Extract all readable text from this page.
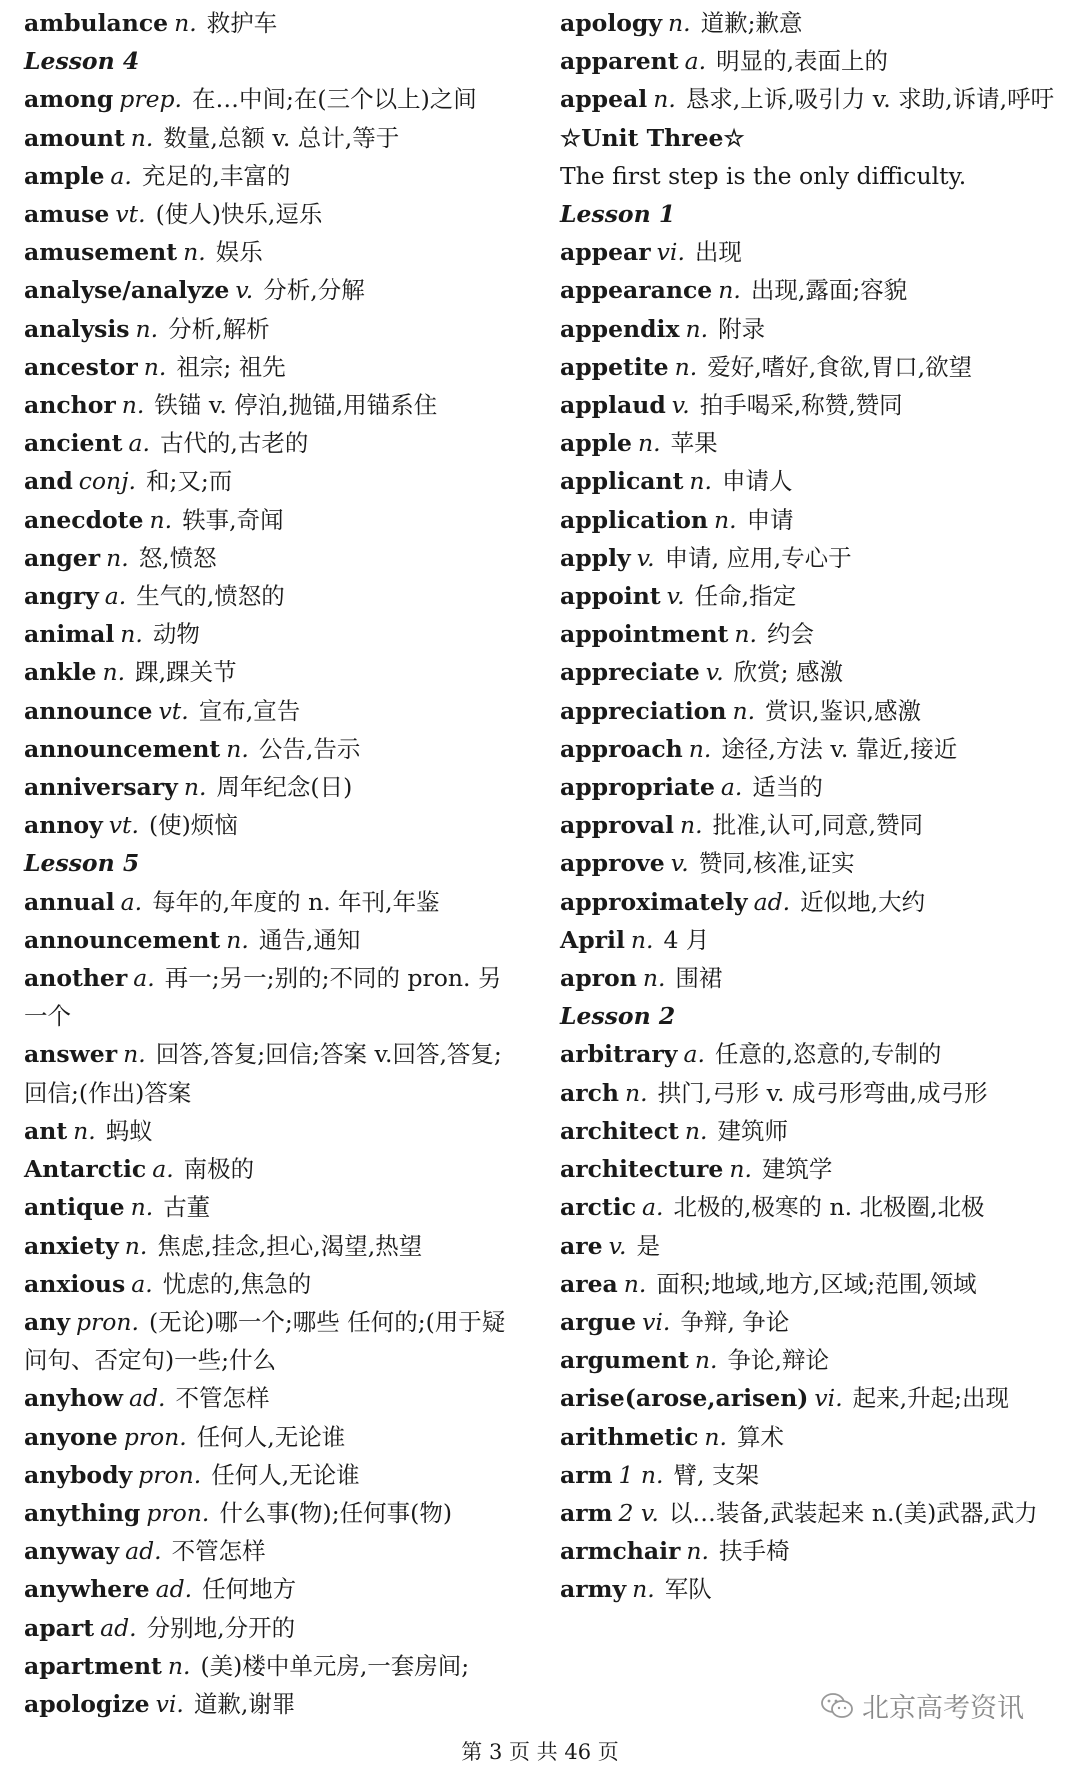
ambulance n. 救护车

Lesson 4

among prep. 在…中间;在(三个以上)之间

amount n. 数量,总额 v. 总计,等于

ample a. 充足的,丰富的

amuse vt. (使人)快乐,逗乐

amusement n. 娱乐

analyse/analyze v. 分析,分解

analysis n. 分析,解析

ancestor n. 祖宗; 祖先

anchor n. 铁锚 v. 停泊,抛锚,用锚系住

ancient a. 古代的,古老的

and conj. 和;又;而

anecdote n. 轶事,奇闻

anger n. 怒,愤怒

angry a. 生气的,愤怒的

animal n. 动物

ankle n. 踝,踝关节

announce vt. 宣布,宣告

announcement n. 公告,告示

anniversary n. 周年纪念(日)

annoy vt. (使)烦恼

Lesson 5

annual a. 每年的,年度的 n. 年刊,年鉴

announcement n. 通告,通知

another a. 再一;另一;别的;不同的 pron. 另一个

answer n. 回答,答复;回信;答案 v.回答,答复;回信;(作出)答案

ant n. 蚂蚁

Antarctic a. 南极的

antique n. 古董

anxiety n. 焦虑,挂念,担心,渴望,热望

anxious a. 忧虑的,焦急的

any pron. (无论)哪一个;哪些 任何的;(用于疑问句、否定句)一些;什么

anyhow ad. 不管怎样

anyone pron. 任何人,无论谁

anybody pron. 任何人,无论谁

anything pron. 什么事(物);任何事(物)

anyway ad. 不管怎样

anywhere ad. 任何地方

apart ad. 分别地,分开的

apartment n. (美)楼中单元房,一套房间;

apologize vi. 道歉,谢罪

apology n. 道歉;歉意

apparent a. 明显的,表面上的

appeal n. 恳求,上诉,吸引力 v. 求助,诉请,呼吁

☆Unit Three☆

The first step is the only difficulty.

Lesson 1

appear vi. 出现

appearance n. 出现,露面;容貌

appendix n. 附录

appetite n. 爱好,嗜好,食欲,胃口,欲望

applaud v. 拍手喝采,称赞,赞同

apple n. 苹果

applicant n. 申请人

application n. 申请

apply v. 申请, 应用,专心于

appoint v. 任命,指定

appointment n. 约会

appreciate v. 欣赏; 感激

appreciation n. 赏识,鉴识,感激

approach n. 途径,方法 v. 靠近,接近

appropriate a. 适当的

approval n. 批准,认可,同意,赞同

approve v. 赞同,核准,证实

approximately ad. 近似地,大约

April n. 4 月

apron n. 围裙

Lesson 2

arbitrary a. 任意的,恣意的,专制的

arch n. 拱门,弓形 v. 成弓形弯曲,成弓形

architect n. 建筑师

architecture n. 建筑学

arctic a. 北极的,极寒的 n. 北极圈,北极

are v. 是

area n. 面积;地域,地方,区域;范围,领域

argue vi. 争辩, 争论

argument n. 争论,辩论

arise(arose,arisen) vi. 起来,升起;出现

arithmetic n. 算术

arm 1 n. 臂, 支架

arm 2 v. 以…装备,武装起来 n.(美)武器,武力

armchair n. 扶手椅

army n. 军队

北京高考资讯
第 3 页 共 46 页
